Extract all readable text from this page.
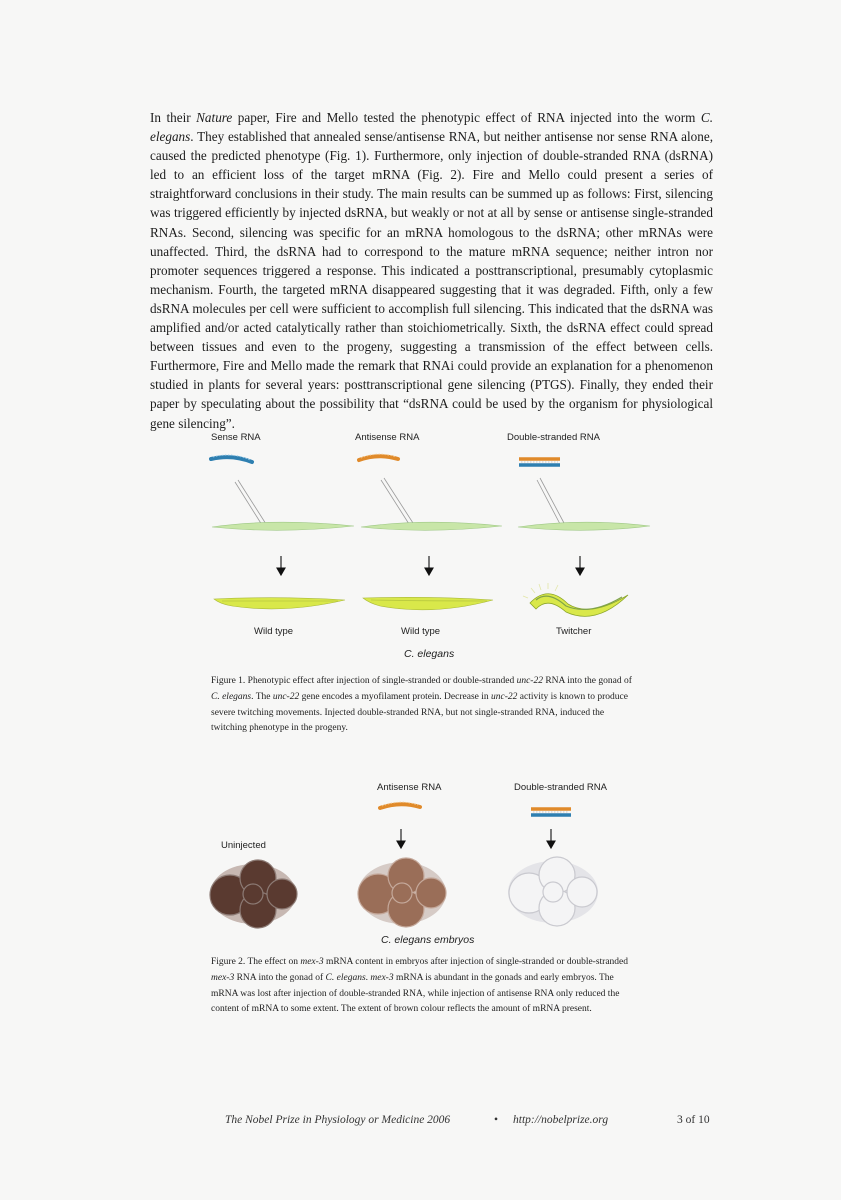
In their Nature paper, Fire and Mello tested the phenotypic effect of RNA injected into the worm C. elegans. They established that annealed sense/antisense RNA, but neither antisense nor sense RNA alone, caused the predicted phenotype (Fig. 1). Furthermore, only injection of double-stranded RNA (dsRNA) led to an efficient loss of the target mRNA (Fig. 2). Fire and Mello could present a series of straightforward conclusions in their study. The main results can be summed up as follows: First, silencing was triggered efficiently by injected dsRNA, but weakly or not at all by sense or antisense single-stranded RNAs. Second, silencing was specific for an mRNA homologous to the dsRNA; other mRNAs were unaffected. Third, the dsRNA had to correspond to the mature mRNA sequence; neither intron nor promoter sequences triggered a response. This indicated a posttranscriptional, presumably cytoplasmic mechanism. Fourth, the targeted mRNA disappeared suggesting that it was degraded. Fifth, only a few dsRNA molecules per cell were sufficient to accomplish full silencing. This indicated that the dsRNA was amplified and/or acted catalytically rather than stoichiometrically. Sixth, the dsRNA effect could spread between tissues and even to the progeny, suggesting a transmission of the effect between cells. Furthermore, Fire and Mello made the remark that RNAi could provide an explanation for a phenomenon studied in plants for several years: posttranscriptional gene silencing (PTGS). Finally, they ended their paper by speculating about the possibility that “dsRNA could be used by the organism for physiological gene silencing”.

Sense RNA	Antisense RNA	Double-stranded RNA
Wild type	Wild type	Twitcher
C. elegans

Figure 1. Phenotypic effect after injection of single-stranded or double-stranded unc-22 RNA into the gonad of C. elegans. The unc-22 gene encodes a myofilament protein. Decrease in unc-22 activity is known to produce severe twitching movements. Injected double-stranded RNA, but not single-stranded RNA, induced the twitching phenotype in the progeny.

Antisense RNA	Double-stranded RNA
Uninjected
C. elegans embryos

Figure 2. The effect on mex-3 mRNA content in embryos after injection of single-stranded or double-stranded mex-3 RNA into the gonad of C. elegans. mex-3 mRNA is abundant in the gonads and early embryos. The mRNA was lost after injection of double-stranded RNA, while injection of antisense RNA only reduced the content of mRNA to some extent. The extent of brown colour reflects the amount of mRNA present.

The Nobel Prize in Physiology or Medicine 2006	• http://nobelprize.org	3 of 10
